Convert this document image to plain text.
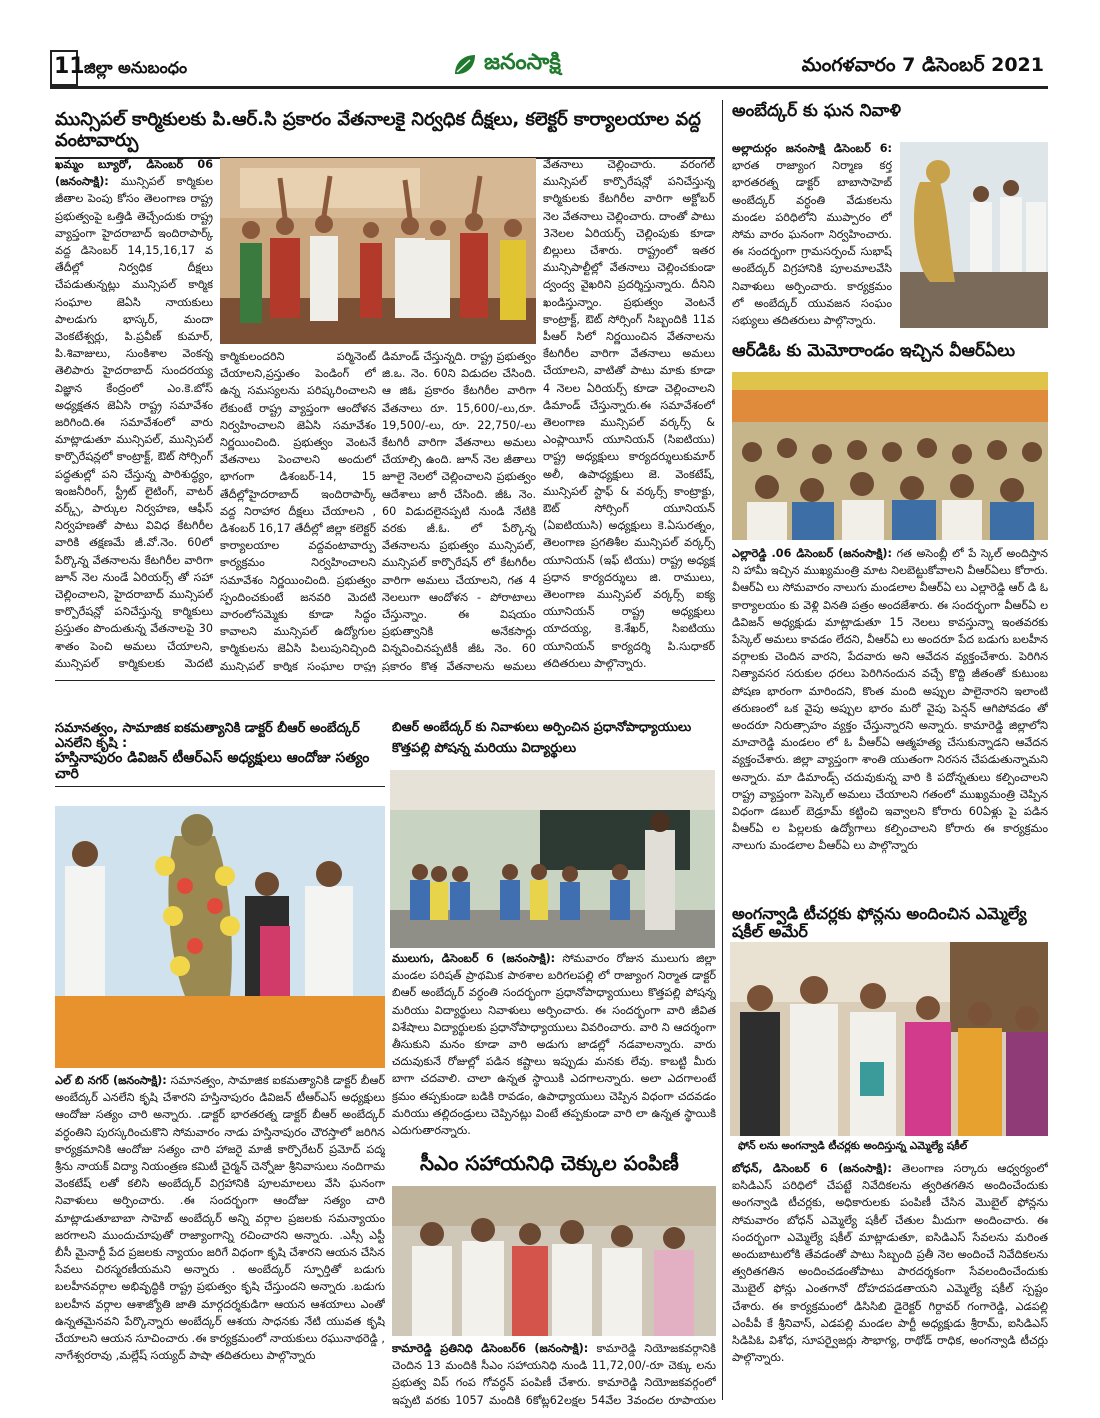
11 జిల్లా అనుబంధం	జనంసాక్షి	మంగళవారం 7 డిసెంబర్ 2021
మున్సిపల్ కార్మికులకు పి.ఆర్.సి ప్రకారం వేతనాలకై నిర్వధిక దీక్షలు, కలెక్టర్ కార్యాలయాల వద్ద వంటావార్పు
ఖమ్మం బ్యూరో, డిసెంబర్ 06 (జనంసాక్షి): మున్సిపల్ కార్మికుల జీతాల పెంపు కోసం తెలంగాణ రాష్ట్ర ప్రభుత్వంపై ఒత్తిడి తెచ్చేందుకు రాష్ట్ర వ్యాప్తంగా హైదరాబాద్ ఇందిరాపార్క్ వద్ద డిసెంబర్ 14,15,16,17 వ తేదీల్లో నిర్వధిక దీక్షలు చేపడుతున్నట్లు మున్సిపల్ కార్మిక సంఘాల జెఏసి నాయకులు పాలడుగు భాస్కర్, మందా వెంకటేశ్వర్లు, పి.ప్రవీణ్ కుమార్, పి.శివాజులు, సుంకిశాల వెంకన్న తెలిపారు హైదరాబాద్ సుందరయ్య విజ్ఞాన కేంద్రంలో ఎం.కె.బోస్ అధ్యక్షతన జెఏసి రాష్ట్ర సమావేశం జరిగింది.ఈ సమావేశంలో వారు మాట్లాడుతూ మున్సిపల్, మున్సిపల్ కార్పొరేషన్లలో కాంట్రాక్ట్, ఔట్ సోర్సింగ్ పద్ధతుల్లో పని చేస్తున్న పారిశుద్ధ్యం, ఇంజనీరింగ్, స్ట్రీట్ లైటింగ్, వాటర్ వర్క్స్, పార్కుల నిర్వహణ, ఆఫీస్ నిర్వహణతో పాటు వివిధ కేటగిరీల వారికి తక్షణమే జీ.వో.నెం. 60లో పేర్కొన్న వేతనాలను కేటగిరీల వారిగా జూన్ నెల నుండే ఏరియర్స్ తో సహా చెల్లించాలని, హైదరాబాద్ మున్సిపల్ కార్పొరేషన్లో పనిచేస్తున్న కార్మికులు ప్రస్తుతం పొందుతున్న వేతనాలపై 30 శాతం పెంచి అమలు చేయాలని, మున్సిపల్ కార్మికులకు మెదటి
కార్మికులందరిని పర్మినెంట్ చేయాలని,ప్రస్తుతం పెండింగ్ లో ఉన్న సమస్యలను పరిష్కరించాలని లేకుంటే రాష్ట్ర వ్యాప్తంగా ఆందోళన నిర్వహించాలని జెఏసి సమావేశం నిర్ణయించింది. ప్రభుత్వం వెంటనే వేతనాలు పెంచాలని అందులో భాగంగా డిశంబర్-14, 15 తేదీల్లోహైదరాబాద్ ఇందిరాపార్క్ వద్ద నిరాహార దీక్షలు చేయాలని , డిశంబర్ 16,17 తేదీల్లో జిల్లా కలెక్టర్ కార్యాలయాల వద్దవంటావార్పు కార్యక్రమం నిర్వహించాలని సమావేశం నిర్ణయించింది. ప్రభుత్వం స్పందించకుంటే జనవరి మెదటి వారంలోసమ్మెకు కూడా సిద్ధం కావాలని మున్సిపల్ ఉద్యోగుల కార్మికులను జెఏసి పిలుపునిచ్చింది మున్సిపల్ కార్మిక సంఘాల రాష్ట్ర
డిమాండ్ చేస్తున్నది. రాష్ట్ర ప్రభుత్వం జి.ఒ. నెం. 60ని విడుదల చేసింది. ఆ జిఓ ప్రకారం కేటగిరీల వారిగా వేతనాలు రూ. 15,600/-లు,రూ. 19,500/-లు, రూ. 22,750/-లు కేటగిరీ వారిగా వేతనాలు అమలు చేయాల్సి ఉంది. జూన్ నెల జీతాలు జూలై నెలలో చెల్లించాలని ప్రభుత్వం ఆదేశాలు జారీ చేసింది. జీఓ నెం. 60 విడుదలైనప్పటి నుండి నేటికి వరకు జీ.ఓ. లో పేర్కొన్న వేతనాలను ప్రభుత్వం మున్సిపల్, మున్సిపల్ కార్పొరేషన్ లో కేటగిరీల వారిగా అమలు చేయాలని, గత 4 నెలలుగా ఆందోళన - పోరాటాలు చేస్తున్నాం. ఈ విషయం ప్రభుత్వానికి అనేకసార్లు విన్నవించినప్పటికీ జీఓ నెం. 60 ప్రకారం కొత్త వేతనాలను అమలు
వేతనాలు చెల్లించారు. వరంగల్ మున్సిపల్ కార్పొరేషన్లో పనిచేస్తున్న కార్మికులకు కేటగిరీల వారిగా అక్టోబర్ నెల వేతనాలు చెల్లించారు. దాంతో పాటు 3నెలల ఏరియర్స్ చెల్లింపుకు కూడా బిల్లులు చేశారు. రాష్ట్రంలో ఇతర మున్సిపాల్టీల్లో వేతనాలు చెల్లించకుండా ద్వంద్వ వైఖరిని ప్రదర్శిస్తున్నారు. దీనిని ఖండిస్తున్నాం. ప్రభుత్వం వెంటనే కాంట్రాక్ట్, ఔట్ సోర్సింగ్ సిబ్బందికి 11వ పీఆర్ సిలో నిర్ణయించిన వేతనాలను కేటగిరీల వారిగా వేతనాలు అమలు చేయాలని, వాటితో పాటు మాకు కూడా 4 నెలల ఏరియర్స్ కూడా చెల్లించాలని డిమాండ్ చేస్తున్నారు.ఈ సమావేశంలో తెలంగాణ మున్సిపల్ వర్కర్స్ & ఎంప్లాయీస్ యూనియన్ (సిఐటియు) రాష్ట్ర అధ్యక్షులు కార్యదర్శులుకుమార్ అలీ, ఉపాధ్యక్షులు జె. వెంకటేష్, మున్సిపల్ స్టాఫ్ & వర్కర్స్ కాంట్రాక్టు, ఔట్ సోర్సింగ్ యూనియన్ (ఏఐటియుసి) అధ్యక్షులు కె.ఏసురత్నం, తెలంగాణ ప్రగతిశీల మున్సిపల్ వర్కర్స్ యూనియన్ (ఇఫ్ టియు) రాష్ట్ర అధ్యక్ష ప్రధాన కార్యదర్శులు జి. రాములు, తెలంగాణ మున్సిపల్ వర్కర్స్ ఐక్య యూనియన్ రాష్ట్ర అధ్యక్షులు యాదయ్య, కె.శేఖర్, సిఐటియు యూనియన్ కార్యదర్శి పి.సుధాకర్ తదితరులు పాల్గొన్నారు.
అంబేద్కర్ కు ఘన నివాళి
అల్లాదుర్గం జనంసాక్షి డిసెంబర్ 6: భారత రాజ్యాంగ నిర్మాణ కర్త భారతరత్న డాక్టర్ బాబాసాహెబ్ అంబేద్కర్ వర్ధంతి వేడుకలను మండల పరిధిలోని ముప్పారం లో సోమ వారం ఘనంగా నిర్వహించారు. ఈ సందర్భంగా గ్రామసర్పంచ్ సుభాష్ అంబేద్కర్ విగ్రహానికి పూలమాలవేసి నివాళులు అర్పించారు. కార్యక్రమం లో అంబేద్కర్ యువజన సంఘం సభ్యులు తదితరులు పాల్గొన్నారు.
ఆర్‌డిఓ కు మెమోరాండం ఇచ్చిన వీఆర్‌ఏలు
ఎల్లారెడ్డి .06 డిసెంబర్ (జనంసాక్షి): గత అసెంబ్లీ లో పే స్కెల్ అందిస్తాన ని హామీ ఇచ్చిన ముఖ్యమంత్రి మాట నిలబెట్టుకోవాలని వీఆర్ఏలు కోరారు. వీఆర్ఏ లు సోమవారం నాలుగు మండలాల వీఆర్ఏ లు ఎల్లారెడ్డి ఆర్ డి ఓ కార్యాలయం కు వెళ్లి వినతి పత్రం అందజేశారు. ఈ సందర్భంగా వీఆర్ఏ ల డివిజన్ అధ్యక్షుడు మాట్లాడుతూ 15 నెలలు కావస్తున్నా ఇంతవరకు పేస్కెల్ అమలు కావడం లేదని, వీఆర్ఏ లు అందరూ పేద బడుగు బలహీన వర్గాలకు చెందిన వారని, పేదవారు అని ఆవేదన వ్యక్తంచేశారు. పెరిగిన నిత్యావసర సరుకుల ధరలు పెరిగినందున వచ్చే కొద్ది జీతంతో కుటుంబ పోషణ భారంగా మారిందని, కొంత మంది అప్పుల పాలైనారని ఇలాంటి తరుణంలో ఒక వైపు అప్పుల భారం మరో వైపు పెన్షన్ ఆగిపోవడం తో అందరూ నిరుత్సాహం వ్యక్తం చేస్తున్నారని అన్నారు. కామారెడ్డి జిల్లాలోని మాచారెడ్డి మండలం లో ఓ వీఆర్ఏ ఆత్మహత్య చేసుకున్నాడని ఆవేదన వ్యక్తంచేశారు. జిల్లా వ్యాప్తంగా శాంతి యుతంగా నిరసన చేపడుతున్నామని అన్నారు. మా డిమాండ్స్ చదువుకున్న వారి కి పదోన్నతులు కల్పించాలని రాష్ట్ర వ్యాప్తంగా పెస్కెల్ అమలు చేయాలని గతంలో ముఖ్యమంత్రి చెప్పిన విధంగా డబుల్ బెడ్రూమ్ కట్టించి ఇవ్వాలని కోరారు 60ఏళ్లు పై పడిన వీఆర్ఏ ల పిల్లలకు ఉద్యోగాలు కల్పించాలని కోరారు ఈ కార్యక్రమం నాలుగు మండలాల వీఆర్ఏ లు పాల్గొన్నారు
అంగన్వాడి టీచర్లకు ఫోన్లను అందించిన ఎమ్మెల్యే షకీల్ అమేర్
ఫోన్ లను అంగన్వాడి టీచర్లకు అందిస్తున్న ఎమ్మెల్యే షకీల్
బోధన్, డిసెంబర్ 6 (జనంసాక్షి): తెలంగాణ సర్కారు ఆధ్వర్యంలో ఐసిడిఎస్ పరిధిలో చేపట్టే నివేదికలను త్వరితగతిన అందించేందుకు అంగన్వాడి టీచర్లకు, అధికారులకు పంపిణీ చేసిన మొబైల్ ఫోన్లను సోమవారం బోధన్ ఎమ్మెల్యే షకీల్ చేతుల మీదుగా అందించారు. ఈ సందర్భంగా ఎమ్మెల్యే షకీల్ మాట్లాడుతూ, ఐసిడిఎస్ సేవలను మరింత అందుబాటులోకి తేవడంతో పాటు సిబ్బంది ప్రతీ నెల అందించే నివేదికలను త్వరితగతిన అందించడంతోపాటు పారదర్శకంగా సేవలందించేందుకు మొబైల్ ఫోన్లు ఎంతగానో దోహదపడతాయని ఎమ్మెల్యే షకీల్ స్పష్టం చేశారు. ఈ కార్యక్రమంలో డిసిసిబి డైరెక్టర్ గిర్దావర్ గంగారెడ్డి, ఎడపల్లి ఎంపీపీ కే శ్రీనివాస్, ఎడపల్లి మండల పార్టీ అధ్యక్షుడు శ్రీరామ్, ఐసిడిఎస్ సిడిపిఓ విశోధ, సూపర్వైజర్లు సౌభాగ్య, రాథోడ్ రాధిక, అంగన్వాడి టీచర్లు పాల్గొన్నారు.
సమానత్వం, సామాజిక ఐకమత్యానికి డాక్టర్ బీఆర్ అంబేద్కర్ ఎనలేని కృషి :
హస్తినాపురం డివిజన్ టీఆర్ఎస్ అధ్యక్షులు ఆందోజు సత్యం చారి
ఎల్ బి నగర్ (జనంసాక్షి): సమానత్వం, సామాజిక ఐకమత్యానికి డాక్టర్ బీఆర్ అంబేద్కర్ ఎనలేని కృషి చేశారని హస్తినాపురం డివిజన్ టీఆర్ఎస్ అధ్యక్షులు ఆందోజు సత్యం చారి అన్నారు. .డాక్టర్ భారతరత్న డాక్టర్ బీఆర్ అంబేద్కర్ వర్ధంతిని పురస్కరించుకొని సోమవారం నాడు హస్తినాపురం చౌరస్తాలో జరిగిన కార్యక్రమానికి ఆందోజు సత్యం చారి హాజరై మాజీ కార్పొరేటర్ ప్రమోద్ పద్మ శ్రీను నాయక్ విద్యా నియంత్రణ కమిటీ చైర్మన్ చెన్నోజు శ్రీనివాసులు నందిగామ వెంకటేష్ లతో కలిసి అంబేద్కర్ విగ్రహానికి పూలమాలలు వేసి ఘనంగా నివాళులు అర్పించారు. .ఈ సందర్భంగా ఆందోజు సత్యం చారి మాట్లాడుతూబాబా సాహెబ్ అంబేద్కర్ అన్ని వర్గాల ప్రజలకు సమన్యాయం జరగాలని ముందుచూపుతో రాజ్యాంగాన్ని రచించారని అన్నారు. .ఎస్సీ ఎస్టీ బీసీ మైనార్టీ పేద ప్రజలకు న్యాయం జరిగే విధంగా కృషి చేశారని ఆయన చేసిన సేవలు చిరస్మరణీయమని అన్నారు . అంబేద్కర్ స్ఫూర్తితో బడుగు బలహీనవర్గాల అభివృద్ధికి రాష్ట్ర ప్రభుత్వం కృషి చేస్తుందని అన్నారు .బడుగు బలహీన వర్గాల ఆశాజ్యోతి జాతి మార్గదర్శకుడిగా ఆయన ఆశయాలు ఎంతో ఉన్నతమైనవని పేర్కొన్నారు అంబేద్కర్ ఆశయ సాధనకు నేటి యువత కృషి చేయాలని ఆయన సూచించారు .ఈ కార్యక్రమంలో నాయకులు రఘునాథరెడ్డి , నాగేశ్వరరావు ,మల్లేష్ సయ్యద్ పాషా తదితరులు పాల్గొన్నారు
బిఆర్ అంబేద్కర్ కు నివాళులు అర్పించిన ప్రధానోపాధ్యాయులు
కొత్తపల్లి పోషన్న మరియు విద్యార్థులు
ములుగు, డిసెంబర్ 6 (జనంసాక్షి): సోమవారం రోజున ములుగు జిల్లా మండల పరిషత్ ప్రాథమిక పాఠశాల బరిగలపల్లి లో రాజ్యాంగ నిర్మాత డాక్టర్ బిఆర్ అంబేద్కర్ వర్ధంతి సందర్భంగా ప్రధానోపాధ్యాయులు కొత్తపల్లి పోషన్న మరియు విద్యార్థులు నివాళులు అర్పించారు. ఈ సందర్భంగా వారి జీవిత విశేషాలు విద్యార్థులకు ప్రధానోపాధ్యాయులు వివరించారు. వారి ని ఆదర్శంగా తీసుకుని మనం కూడా వారి అడుగు జాడల్లో నడవాలన్నారు. వారు చదువుకునే రోజుల్లో పడిన కష్టాలు ఇప్పుడు మనకు లేవు. కాబట్టి మీరు బాగా చదవాలి. చాలా ఉన్నత స్థాయికి ఎదగాలన్నారు. అలా ఎదగాలంటే క్రమం తప్పకుండా బడికి రావడం, ఉపాధ్యాయులు చెప్పిన విధంగా చదవడం మరియు తల్లిదండ్రులు చెప్పినట్లు వింటే తప్పకుండా వారి లా ఉన్నత స్థాయికి ఎదుగుతారన్నారు.
సీఎం సహాయనిధి చెక్కుల పంపిణీ
కామారెడ్డి ప్రతినిధి డిసెంబర్6 (జనంసాక్షి): కామారెడ్డి నియోజకవర్గానికి చెందిన 13 మందికి సీఎం సహాయనిధి నుండి 11,72,00/-రూ చెక్కు లను ప్రభుత్వ విప్ గంప గోవర్ధన్ పంపిణీ చేశారు. కామారెడ్డి నియోజకవర్గంలో ఇప్పటి వరకు 1057 మందికి 6కోట్ల62లక్షల 54వేల 3వందల రూపాయల
